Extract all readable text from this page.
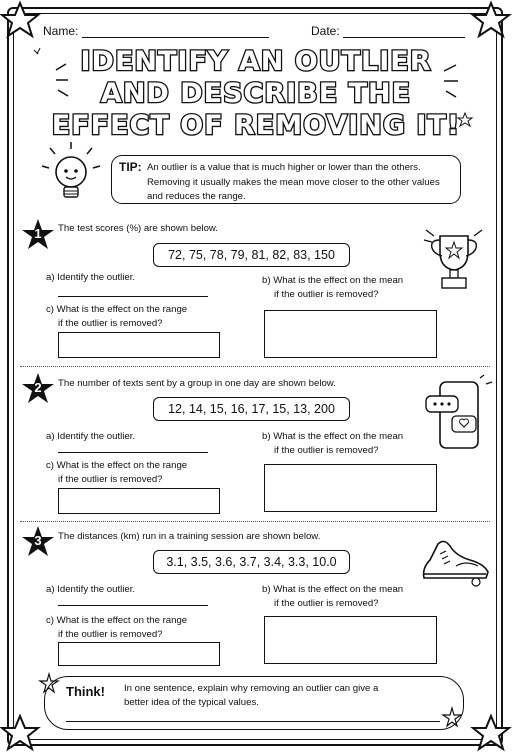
Name:	Date:
IDENTIFY AN OUTLIER
AND DESCRIBE THE
EFFECT OF REMOVING IT!
TIP: An outlier is a value that is much higher or lower than the others.
Removing it usually makes the mean move closer to the other values
and reduces the range.
1	The test scores (%) are shown below.
72, 75, 78, 79, 81, 82, 83, 150
a) Identify the outlier.	b) What is the effect on the mean
if the outlier is removed?
c) What is the effect on the range
if the outlier is removed?
2	The number of texts sent by a group in one day are shown below.
12, 14, 15, 16, 17, 15, 13, 200
a) Identify the outlier.	b) What is the effect on the mean
if the outlier is removed?
c) What is the effect on the range
if the outlier is removed?
3	The distances (km) run in a training session are shown below.
3.1, 3.5, 3.6, 3.7, 3.4, 3.3, 10.0
a) Identify the outlier.	b) What is the effect on the mean
if the outlier is removed?
c) What is the effect on the range
if the outlier is removed?
Think! In one sentence, explain why removing an outlier can give a
better idea of the typical values.
